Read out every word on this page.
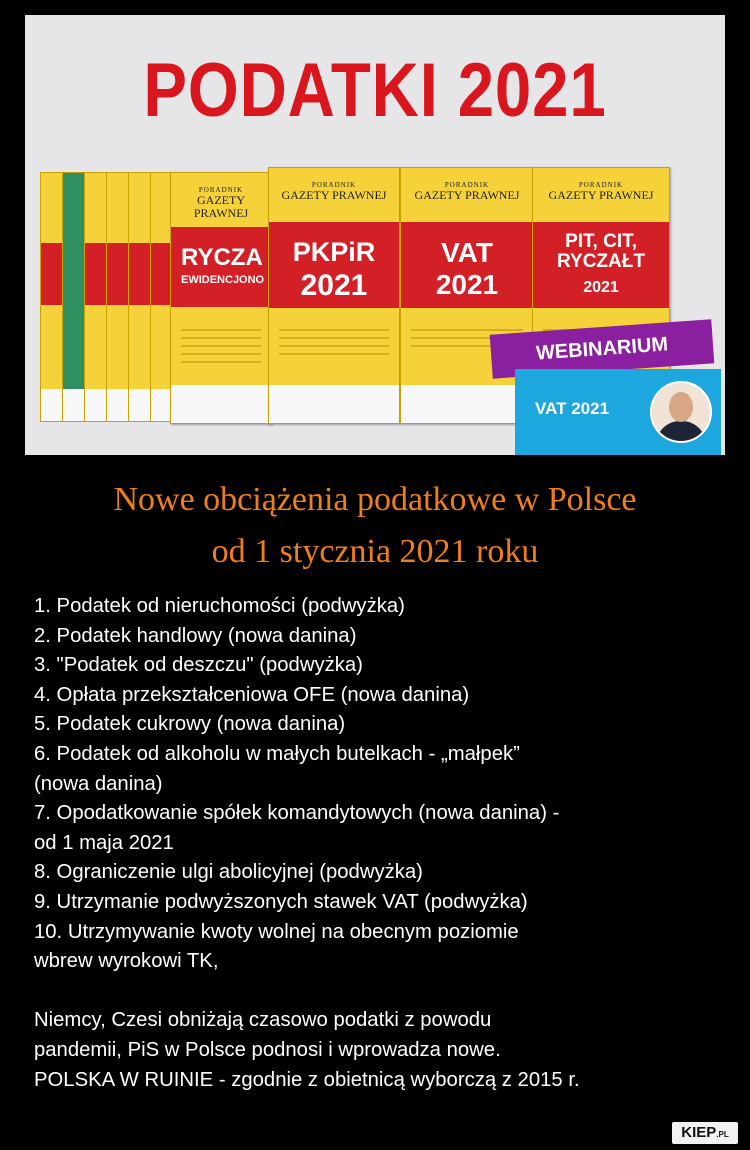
PODATKI 2021
PORADNIK
GAZETY PRAWNEJ
RYCZA
EWIDENCJONO
PORADNIK
GAZETY PRAWNEJ
PKPiR
2021
PORADNIK
GAZETY PRAWNEJ
VAT
2021
PORADNIK
GAZETY PRAWNEJ
PIT, CIT, RYCZAŁT
2021
WEBINARIUM
VAT 2021
Nowe obciążenia podatkowe w Polsce
od 1 stycznia 2021 roku
1. Podatek od nieruchomości (podwyżka)
2. Podatek handlowy (nowa danina)
3. "Podatek od deszczu" (podwyżka)
4. Opłata przekształceniowa OFE (nowa danina)
5. Podatek cukrowy (nowa danina)
6. Podatek od alkoholu w małych butelkach - „małpek”
(nowa danina)
7. Opodatkowanie spółek komandytowych (nowa danina) -
od 1 maja 2021
8. Ograniczenie ulgi abolicyjnej (podwyżka)
9. Utrzymanie podwyższonych stawek VAT (podwyżka)
10. Utrzymywanie kwoty wolnej na obecnym poziomie
wbrew wyrokowi TK,
Niemcy, Czesi obniżają czasowo podatki z powodu
pandemii, PiS w Polsce podnosi i wprowadza nowe.
POLSKA W RUINIE - zgodnie z obietnicą wyborczą z 2015 r.
KIEP.PL
